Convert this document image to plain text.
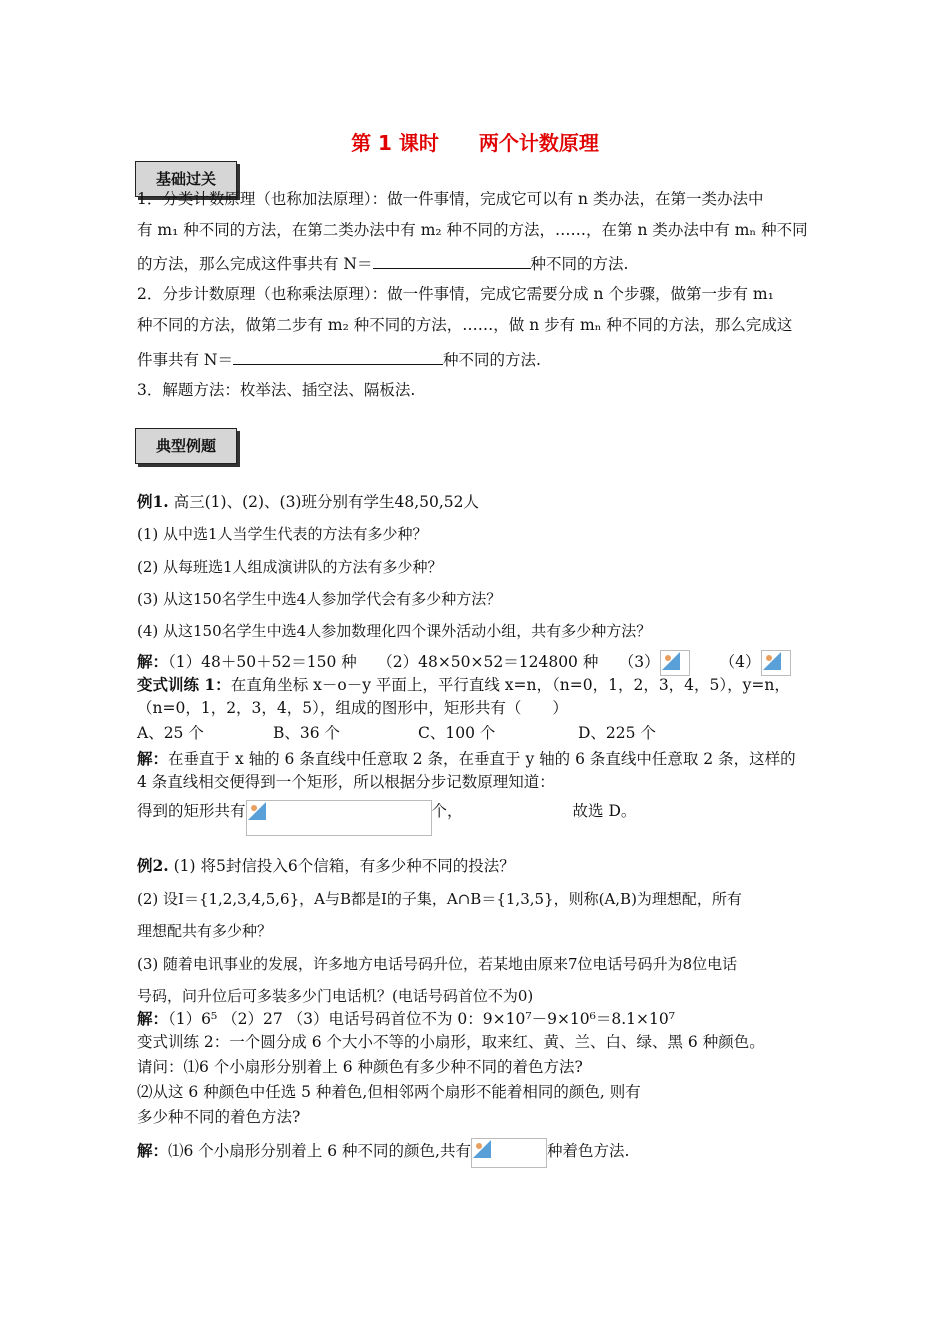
第 1 课时 两个计数原理
基础过关
1．分类计数原理（也称加法原理）：做一件事情，完成它可以有 n 类办法，在第一类办法中
有 m₁ 种不同的方法，在第二类办法中有 m₂ 种不同的方法，……，在第 n 类办法中有 mₙ 种不同
的方法，那么完成这件事共有 N＝	种不同的方法.
2．分步计数原理（也称乘法原理）：做一件事情，完成它需要分成 n 个步骤，做第一步有 m₁
种不同的方法，做第二步有 m₂ 种不同的方法，……，做 n 步有 mₙ 种不同的方法，那么完成这
件事共有 N＝	种不同的方法.
3．解题方法：枚举法、插空法、隔板法.
典型例题
例1. 高三(1)、(2)、(3)班分别有学生48,50,52人
(1) 从中选1人当学生代表的方法有多少种？
(2) 从每班选1人组成演讲队的方法有多少种？
(3) 从这150名学生中选4人参加学代会有多少种方法？
(4) 从这150名学生中选4人参加数理化四个课外活动小组，共有多少种方法？
解：（1）48＋50＋52＝150 种　 （2）48×50×52＝124800 种　 （3）	（4）
变式训练 1：在直角坐标 x－o－y 平面上，平行直线 x=n，（n=0，1，2，3，4，5），y=n，
（n=0，1，2，3，4，5），组成的图形中，矩形共有（　　）
A、25 个	B、36 个	C、100 个	D、225 个
解：在垂直于 x 轴的 6 条直线中任意取 2 条，在垂直于 y 轴的 6 条直线中任意取 2 条，这样的
4 条直线相交便得到一个矩形，所以根据分步记数原理知道：
得到的矩形共有	个，	故选 D。
例2. (1) 将5封信投入6个信箱，有多少种不同的投法？
(2) 设I＝{1,2,3,4,5,6}，A与B都是I的子集，A∩B＝{1,3,5}，则称(A,B)为理想配，所有
理想配共有多少种？
(3) 随着电讯事业的发展，许多地方电话号码升位，若某地由原来7位电话号码升为8位电话
号码，问升位后可多装多少门电话机？(电话号码首位不为0)
解：（1）6⁵ （2）27 （3）电话号码首位不为 0：9×10⁷－9×10⁶＝8.1×10⁷
变式训练 2：一个圆分成 6 个大小不等的小扇形，取来红、黄、兰、白、绿、黑 6 种颜色。
请问：⑴6 个小扇形分别着上 6 种颜色有多少种不同的着色方法?
⑵从这 6 种颜色中任选 5 种着色,但相邻两个扇形不能着相同的颜色, 则有
多少种不同的着色方法?
解：⑴6 个小扇形分别着上 6 种不同的颜色,共有	种着色方法.
